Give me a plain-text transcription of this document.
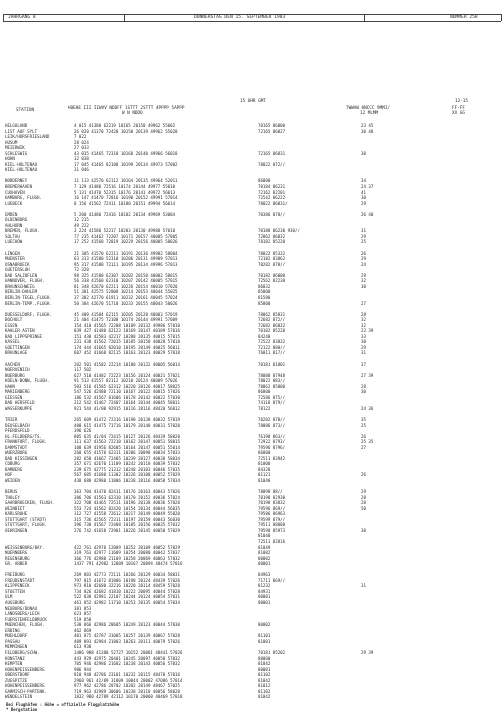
JAHRGANG 8	DONNERSTAG DEN 15. SEPTEMBER 1983	NUMMER 258
15 UHR GMT	12-15
STATION	HOEHE III IIWVV NDDFF 1STTT 2STTT 4PPPP 5APPP
W N NDDD
7WWAW 8NCCC 9MMJ/
12 MLMM
FF-FF
XX GG
HELGOLAND	4 015 41380 62219 10165 20150 49962 55002	70165 86800	23 45
LIST AUF SYLT	26 020 41370 72420 10150 20139 49962 55020	72165 86827	30 48
LEIK/HORSFRIESLAND	7 022
HUSUM	28 024
MEIERWIK	27 033
SCHLESWIG	43 035 41465 72310 10168 20140 49966 56018	72165 86831	30
HOHN	12 038
KIEL-HOLTENAU	17 045 41465 82108 10199 20134 49973 57002	78022 872//
KIEL-HOLTENAU	31 046
NORDERNEY	11 113 42570 62112 10164 20135 49964 52011	86800	34
BREMERHAVEN	7 129 41480 72516 10174 20144 49977 55010	70184 86231	24 37
CUXHAVEN	5 131 41470 52315 10176 20141 49972 56013	72162 82201	41
HAMBURG, FLUGH.	16 147 41470 72016 10190 20152 49991 57014	72542 86222	30
LUEBECK	8 156 41562 72411 10180 20151 49994 56014	78022 86831/	29
EMDEN	5 200 41480 72416 10182 20134 49969 53004	70386 878//	26 40
OLDENBURG	12 215
AHLHORN	49 222
BREMEN, FLUGH.	3 224 41580 52217 10203 20130 49988 57010	70188 86230 930//	31
SOLTAU	77 235 41462 72207 10171 20157 40005 57005	72862 86832	29
LUECHOW	17 252 41560 72019 10229 20156 40005 58026	78182 85220	25
LINGEN	21 305 41570 62211 10191 20136 49982 58004	78022 85332	26
MUENSTER	63 313 41580 52310 10206 20131 49989 57013	72182 83862	29
OSNABRUECK	95 317 41580 72111 10195 20134 49996 57013	70282 878//	24
GUETERSLOH	72 320
BAD SALZUFLEN	98 325 41580 62307 10202 20150 40002 58015	70182 86000	29
HANNOVER, FLUGH.	56 338 41560 62310 10207 20142 40005 57015	72562 82230	32
BRAUNSCHWEIG	81 348 42670 62211 10226 20154 40010 57020	86832	30
BERLIN-DAHLEM	51 381 42575 52008 10214 20153 40044 55025	85800
BERLIN-TEGEL,FLUGH.	37 382 42770 61911 10232 20161 40045 57024	81580
BERLIN-TEMP.,FLUGH.	50 384 42670 51710 10233 20155 40043 58026	85800	27
DUESSELDORF, FLUGH.	45 400 41584 62115 10205 20128 40003 57019	78062 85831	28
BOCHOLT	21 404 41475 72108 10174 20144 49991 57009	72682 872//	32
ESSEN	154 410 41565 72208 10189 20132 49986 57010	72682 86832	32
KAHLER ASTEN	839 427 41480 62123 10169 20147 40389 57016	70182 85220	23 39
BAD LIPPSPRINGE	151 430 42583 42217 10208 20135 40015 57015	84240	33
KASSEL	231 438 41562 72015 10185 20150 40028 57018	72522 83832	30
GOETTINGEN	174 444 41665 82010 10195 20149 40025 56011	72122 880//	29
BRAUNLAGE	607 452 41668 82115 10163 20123 40029 57018	76011 817//	31
AACHEN	202 501 41582 22214 10180 20132 40005 56014	70181 81801	37
NOERVENICH	117 502
NUERBURG	627 510 41482 72223 10156 20124 40021 57021	78088 87948	27 39
KOELN-BONN, FLUGH.	91 513 41557 82112 10210 20124 40009 57026	78022 883//
HAHN	503 516 41585 62312 10220 20126 40017 58025	78862 85800	28
MARIENBERG	547 526 42480 72110 10167 20122 40015 57026	86800	30
GIESSEN	186 532 41567 81606 10178 20142 40022 57030	72586 875//
BAD HERSFELD	212 542 41467 72407 10164 20144 40045 58011	74118 879//
WASSERKUPPE	921 544 41/00 92915 10116 20116 48420 56012	78122	24 36
TRIER	265 609 41472 72316 10190 20138 40032 57019	70282 878//	35
DEUSELBACH	480 615 41475 71716 10179 20140 40031 57020	78086 873//	25
PFERDSFELD	396 626
HL.FELDBERG/TS.	805 635 41/04 72415 10127 20126 48439 58020	76198 863//	26
FRANKFURT, FLUGH.	111 637 41563 72210 10162 20147 40051 58015	72922 8793/	25 35
DARMSTADT	108 639 41956 82605 10164 20147 40051 55014	79596 8796/	27
WUERZBURG	268 655 41570 62311 10206 20098 40034 57033	86800
BAD KISSINGEN	282 658 41667 72405 10239 20127 40038 58034	72511 83942
COBURG	357 671 42670 11109 10242 20118 40039 57032	81000
BAMBERG	239 675 42775 21312 10248 20103 40046 57035	84320
HOF	567 685 41680 11302 10226 20108 40052 57029	81121	26
WEIDEN	438 688 42980 11806 10238 20116 40058 57034	81040
BERUS	363 704 41470 82411 10176 20163 40043 57026	78098 88//	29
THOLEY	386 706 41563 62310 10170 20152 40036 57024	70198 82930	28
SAARBRUECKEN, FLUGH.	322 708 41465 72511 10196 20138 40036 57028	70198 83832	28
WEINBIET	553 724 41562 82420 10154 20134 40044 56035	79596 869//	50
KARLSRUHE	112 727 41558 72612 10217 20149 40049 55020	79586 86963
STUTTGART (STADT)	315 736 42565 72311 10197 20159 40043 56030	79599 879//
STUTTGART, FLUGH.	396 738 41567 72408 10185 20156 40035 57032	79511 88000
OEHRINGEN	276 742 41658 72901 10226 20145 40050 57029	79590 85973	30
81040
72511 82816
WEISSENBURG/BAY.	422 761 42970 12009 10252 20109 40052 57029	81049
NUERNBERG	319 763 42977 11609 10254 20080 40042 57037	81082
REGENSBURG	366 776 42980 21109 10258 20069 40063 57032	80002
GR. ARBER	1437 791 42982 12009 10167 20094 48474 57016	80001
FREIBURG	269 803 42773 72111 10266 20129 40034 58031	84963
FREUDENSTADT	797 815 41672 81806 10198 20124 48439 57026	71711 869//
KLIPPENECK	973 818 42680 32216 10220 20114 48459 57028	81232	31
STOETTEN	734 826 42682 41810 10222 20095 40044 57028	84931
ULM	522 838 42981 22107 10244 20124 40054 57031	80001
AUGSBURG	461 852 42982 11710 10253 20135 40054 57034	80001
NEUBURG/DONAU	381 853
LANDSBERG/LECH	623 857
FUERSTENFELDBRUCK	519 858
MUENCHEN, FLUGH.	530 866 42986 20605 10249 20123 40044 57030	80002
ERDING	462 869
MUEHLDORF	401 875 42787 31005 10257 20139 40067 57028	81101
PASSAU	409 893 42984 21803 10263 20111 40079 57026	81001
MEMMINGEN	613 930
FELDBERG/SCHW.	1486 908 41380 52727 10152 20081 48441 57026	70181 85202	29 39
KONSTANZ	443 929 42975 20401 10245 20097 40058 57032	80000
KEMPTEN	705 946 42986 21602 10238 20143 40056 57032	81042
HOHENPEISSENBERG	986 944	80001
OBERSTDORF	810 948 42786 23101 10232 20115 48470 57016	81102
ZUGSPITZE	2960 961 42/89 31809 10044 20002 47086 57014	81042
HOHENPEISSENBERG	977 962 42786 20702 10202 20149 48467 57025	81012
GARMISCH-PARTENK.	719 963 42989 30606 10238 20118 40056 58028	81102
WENDELSTEIN	1832 980 42789 42112 10170 20060 48469 57018	81042
Bei Flughäfen : Höhe = offizielle Flugplatzhöhe
* Bergstation
